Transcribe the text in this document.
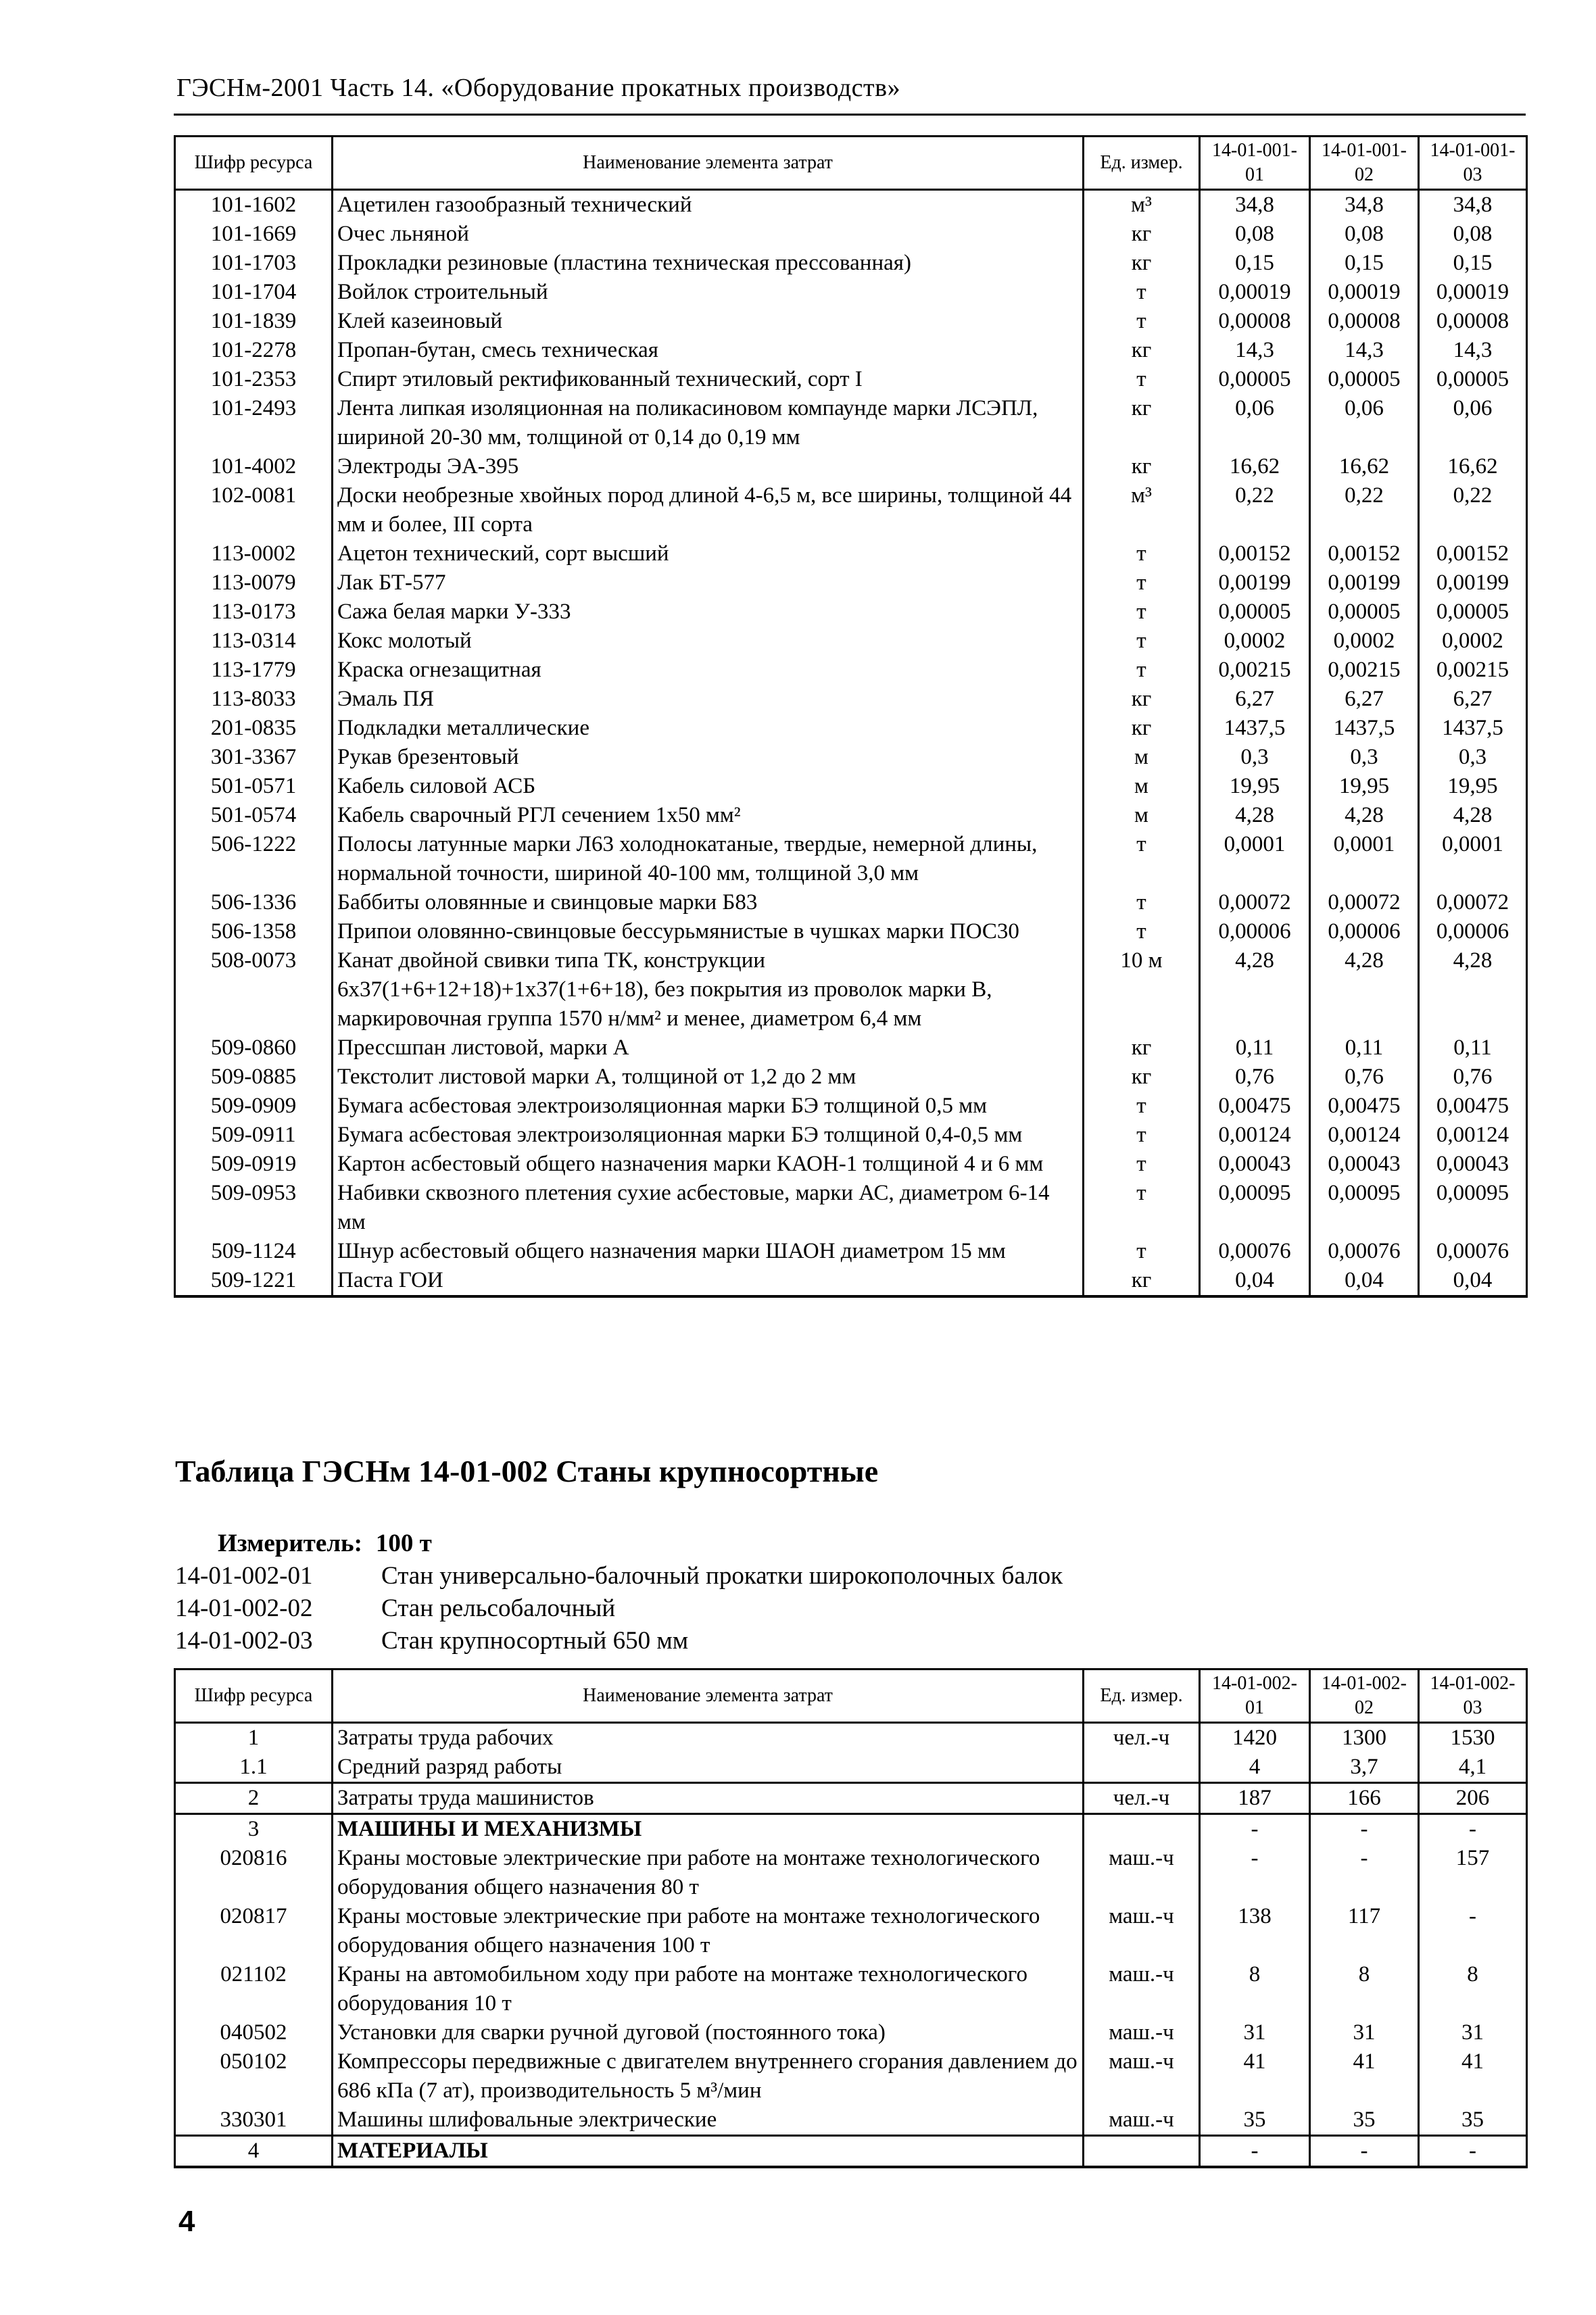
ГЭСНм-2001 Часть 14. «Оборудование прокатных производств»
Шифр ресурса	Наименование элемента затрат	Ед. измер.	14-01-001-01	14-01-001-02	14-01-001-03
101-1602	Ацетилен газообразный технический	м³	34,8	34,8	34,8
101-1669	Очес льняной	кг	0,08	0,08	0,08
101-1703	Прокладки резиновые (пластина техническая прессованная)	кг	0,15	0,15	0,15
101-1704	Войлок строительный	т	0,00019	0,00019	0,00019
101-1839	Клей казеиновый	т	0,00008	0,00008	0,00008
101-2278	Пропан-бутан, смесь техническая	кг	14,3	14,3	14,3
101-2353	Спирт этиловый ректификованный технический, сорт I	т	0,00005	0,00005	0,00005
101-2493	Лента липкая изоляционная на поликасиновом компаунде марки ЛСЭПЛ, шириной 20-30 мм, толщиной от 0,14 до 0,19 мм	кг	0,06	0,06	0,06
101-4002	Электроды ЭА-395	кг	16,62	16,62	16,62
102-0081	Доски необрезные хвойных пород длиной 4-6,5 м, все ширины, толщиной 44 мм и более, III сорта	м³	0,22	0,22	0,22
113-0002	Ацетон технический, сорт высший	т	0,00152	0,00152	0,00152
113-0079	Лак БТ-577	т	0,00199	0,00199	0,00199
113-0173	Сажа белая марки У-333	т	0,00005	0,00005	0,00005
113-0314	Кокс молотый	т	0,0002	0,0002	0,0002
113-1779	Краска огнезащитная	т	0,00215	0,00215	0,00215
113-8033	Эмаль ПЯ	кг	6,27	6,27	6,27
201-0835	Подкладки металлические	кг	1437,5	1437,5	1437,5
301-3367	Рукав брезентовый	м	0,3	0,3	0,3
501-0571	Кабель силовой АСБ	м	19,95	19,95	19,95
501-0574	Кабель сварочный РГЛ сечением 1х50 мм²	м	4,28	4,28	4,28
506-1222	Полосы латунные марки Л63 холоднокатаные, твердые, немерной длины, нормальной точности, шириной 40-100 мм, толщиной 3,0 мм	т	0,0001	0,0001	0,0001
506-1336	Баббиты оловянные и свинцовые марки Б83	т	0,00072	0,00072	0,00072
506-1358	Припои оловянно-свинцовые бессурьмянистые в чушках марки ПОС30	т	0,00006	0,00006	0,00006
508-0073	Канат двойной свивки типа ТК, конструкции 6х37(1+6+12+18)+1х37(1+6+18), без покрытия из проволок марки В, маркировочная группа 1570 н/мм² и менее, диаметром 6,4 мм	10 м	4,28	4,28	4,28
509-0860	Прессшпан листовой, марки А	кг	0,11	0,11	0,11
509-0885	Текстолит листовой марки А, толщиной от 1,2 до 2 мм	кг	0,76	0,76	0,76
509-0909	Бумага асбестовая электроизоляционная марки БЭ толщиной 0,5 мм	т	0,00475	0,00475	0,00475
509-0911	Бумага асбестовая электроизоляционная марки БЭ толщиной 0,4-0,5 мм	т	0,00124	0,00124	0,00124
509-0919	Картон асбестовый общего назначения марки КАОН-1 толщиной 4 и 6 мм	т	0,00043	0,00043	0,00043
509-0953	Набивки сквозного плетения сухие асбестовые, марки АС, диаметром 6-14 мм	т	0,00095	0,00095	0,00095
509-1124	Шнур асбестовый общего назначения марки ШАОН диаметром 15 мм	т	0,00076	0,00076	0,00076
509-1221	Паста ГОИ	кг	0,04	0,04	0,04
Таблица ГЭСНм 14-01-002 Станы крупносортные
Измеритель: 100 т
14-01-002-01	Стан универсально-балочный прокатки широкополочных балок
14-01-002-02	Стан рельсобалочный
14-01-002-03	Стан крупносортный 650 мм
Шифр ресурса	Наименование элемента затрат	Ед. измер.	14-01-002-01	14-01-002-02	14-01-002-03
1	Затраты труда рабочих	чел.-ч	1420	1300	1530
1.1	Средний разряд работы		4	3,7	4,1
2	Затраты труда машинистов	чел.-ч	187	166	206
3	МАШИНЫ И МЕХАНИЗМЫ		-	-	-
020816	Краны мостовые электрические при работе на монтаже технологического оборудования общего назначения 80 т	маш.-ч	-	-	157
020817	Краны мостовые электрические при работе на монтаже технологического оборудования общего назначения 100 т	маш.-ч	138	117	-
021102	Краны на автомобильном ходу при работе на монтаже технологического оборудования 10 т	маш.-ч	8	8	8
040502	Установки для сварки ручной дуговой (постоянного тока)	маш.-ч	31	31	31
050102	Компрессоры передвижные с двигателем внутреннего сгорания давлением до 686 кПа (7 ат), производительность 5 м³/мин	маш.-ч	41	41	41
330301	Машины шлифовальные электрические	маш.-ч	35	35	35
4	МАТЕРИАЛЫ		-	-	-
4
